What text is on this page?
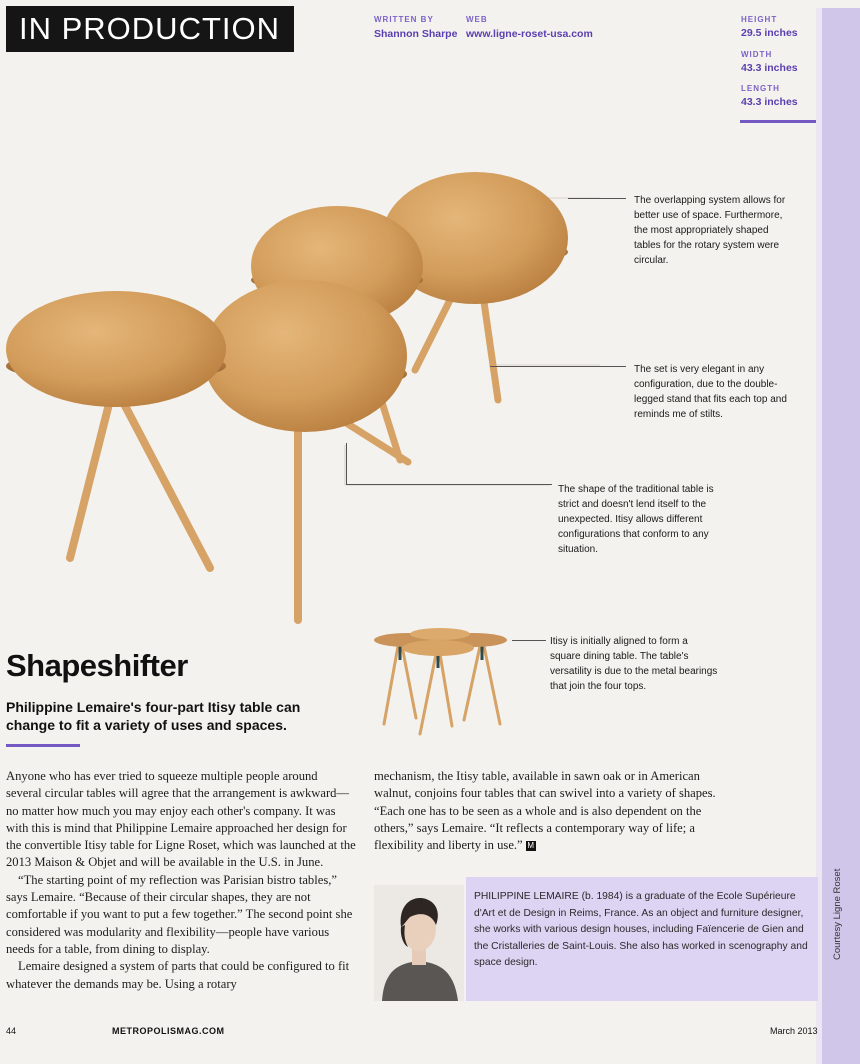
Courtesy Ligne Roset
IN PRODUCTION	WRITTEN BY
Shannon Sharpe
WEB
www.ligne-roset-usa.com
HEIGHT
29.5 inches
WIDTH
43.3 inches
LENGTH
43.3 inches
The overlapping system allows for better use of space. Furthermore, the most appropriately shaped tables for the rotary system were circular.
The set is very elegant in any configuration, due to the double-legged stand that fits each top and reminds me of stilts.
The shape of the traditional table is strict and doesn't lend itself to the unexpected. Itisy allows different configurations that conform to any situation.
Itisy is initially aligned to form a square dining table. The table's versatility is due to the metal bearings that join the four tops.
Shapeshifter
Philippine Lemaire's four-part Itisy table can change to fit a variety of uses and spaces.

Anyone who has ever tried to squeeze multiple people around several circular tables will agree that the arrangement is awkward—no matter how much you may enjoy each other's company. It was with this is mind that Philippine Lemaire approached her design for the convertible Itisy table for Ligne Roset, which was launched at the 2013 Maison & Objet and will be available in the U.S. in June.

“The starting point of my reflection was Parisian bistro tables,” says Lemaire. “Because of their circular shapes, they are not comfortable if you want to put a few together.” The second point she considered was modularity and flexibility—people have various needs for a table, from dining to display.

Lemaire designed a system of parts that could be configured to fit whatever the demands may be. Using a rotary

mechanism, the Itisy table, available in sawn oak or in American walnut, conjoins four tables that can swivel into a variety of shapes. “Each one has to be seen as a whole and is also dependent on the others,” says Lemaire. “It reflects a contemporary way of life; a flexibility and liberty in use.” M

PHILIPPINE LEMAIRE (b. 1984) is a graduate of the Ecole Supérieure d'Art et de Design in Reims, France. As an object and furniture designer, she works with various design houses, including Faïencerie de Gien and the Cristalleries de Saint-Louis. She also has worked in scenography and space design.
44	METROPOLISMAG.COM	March 2013
